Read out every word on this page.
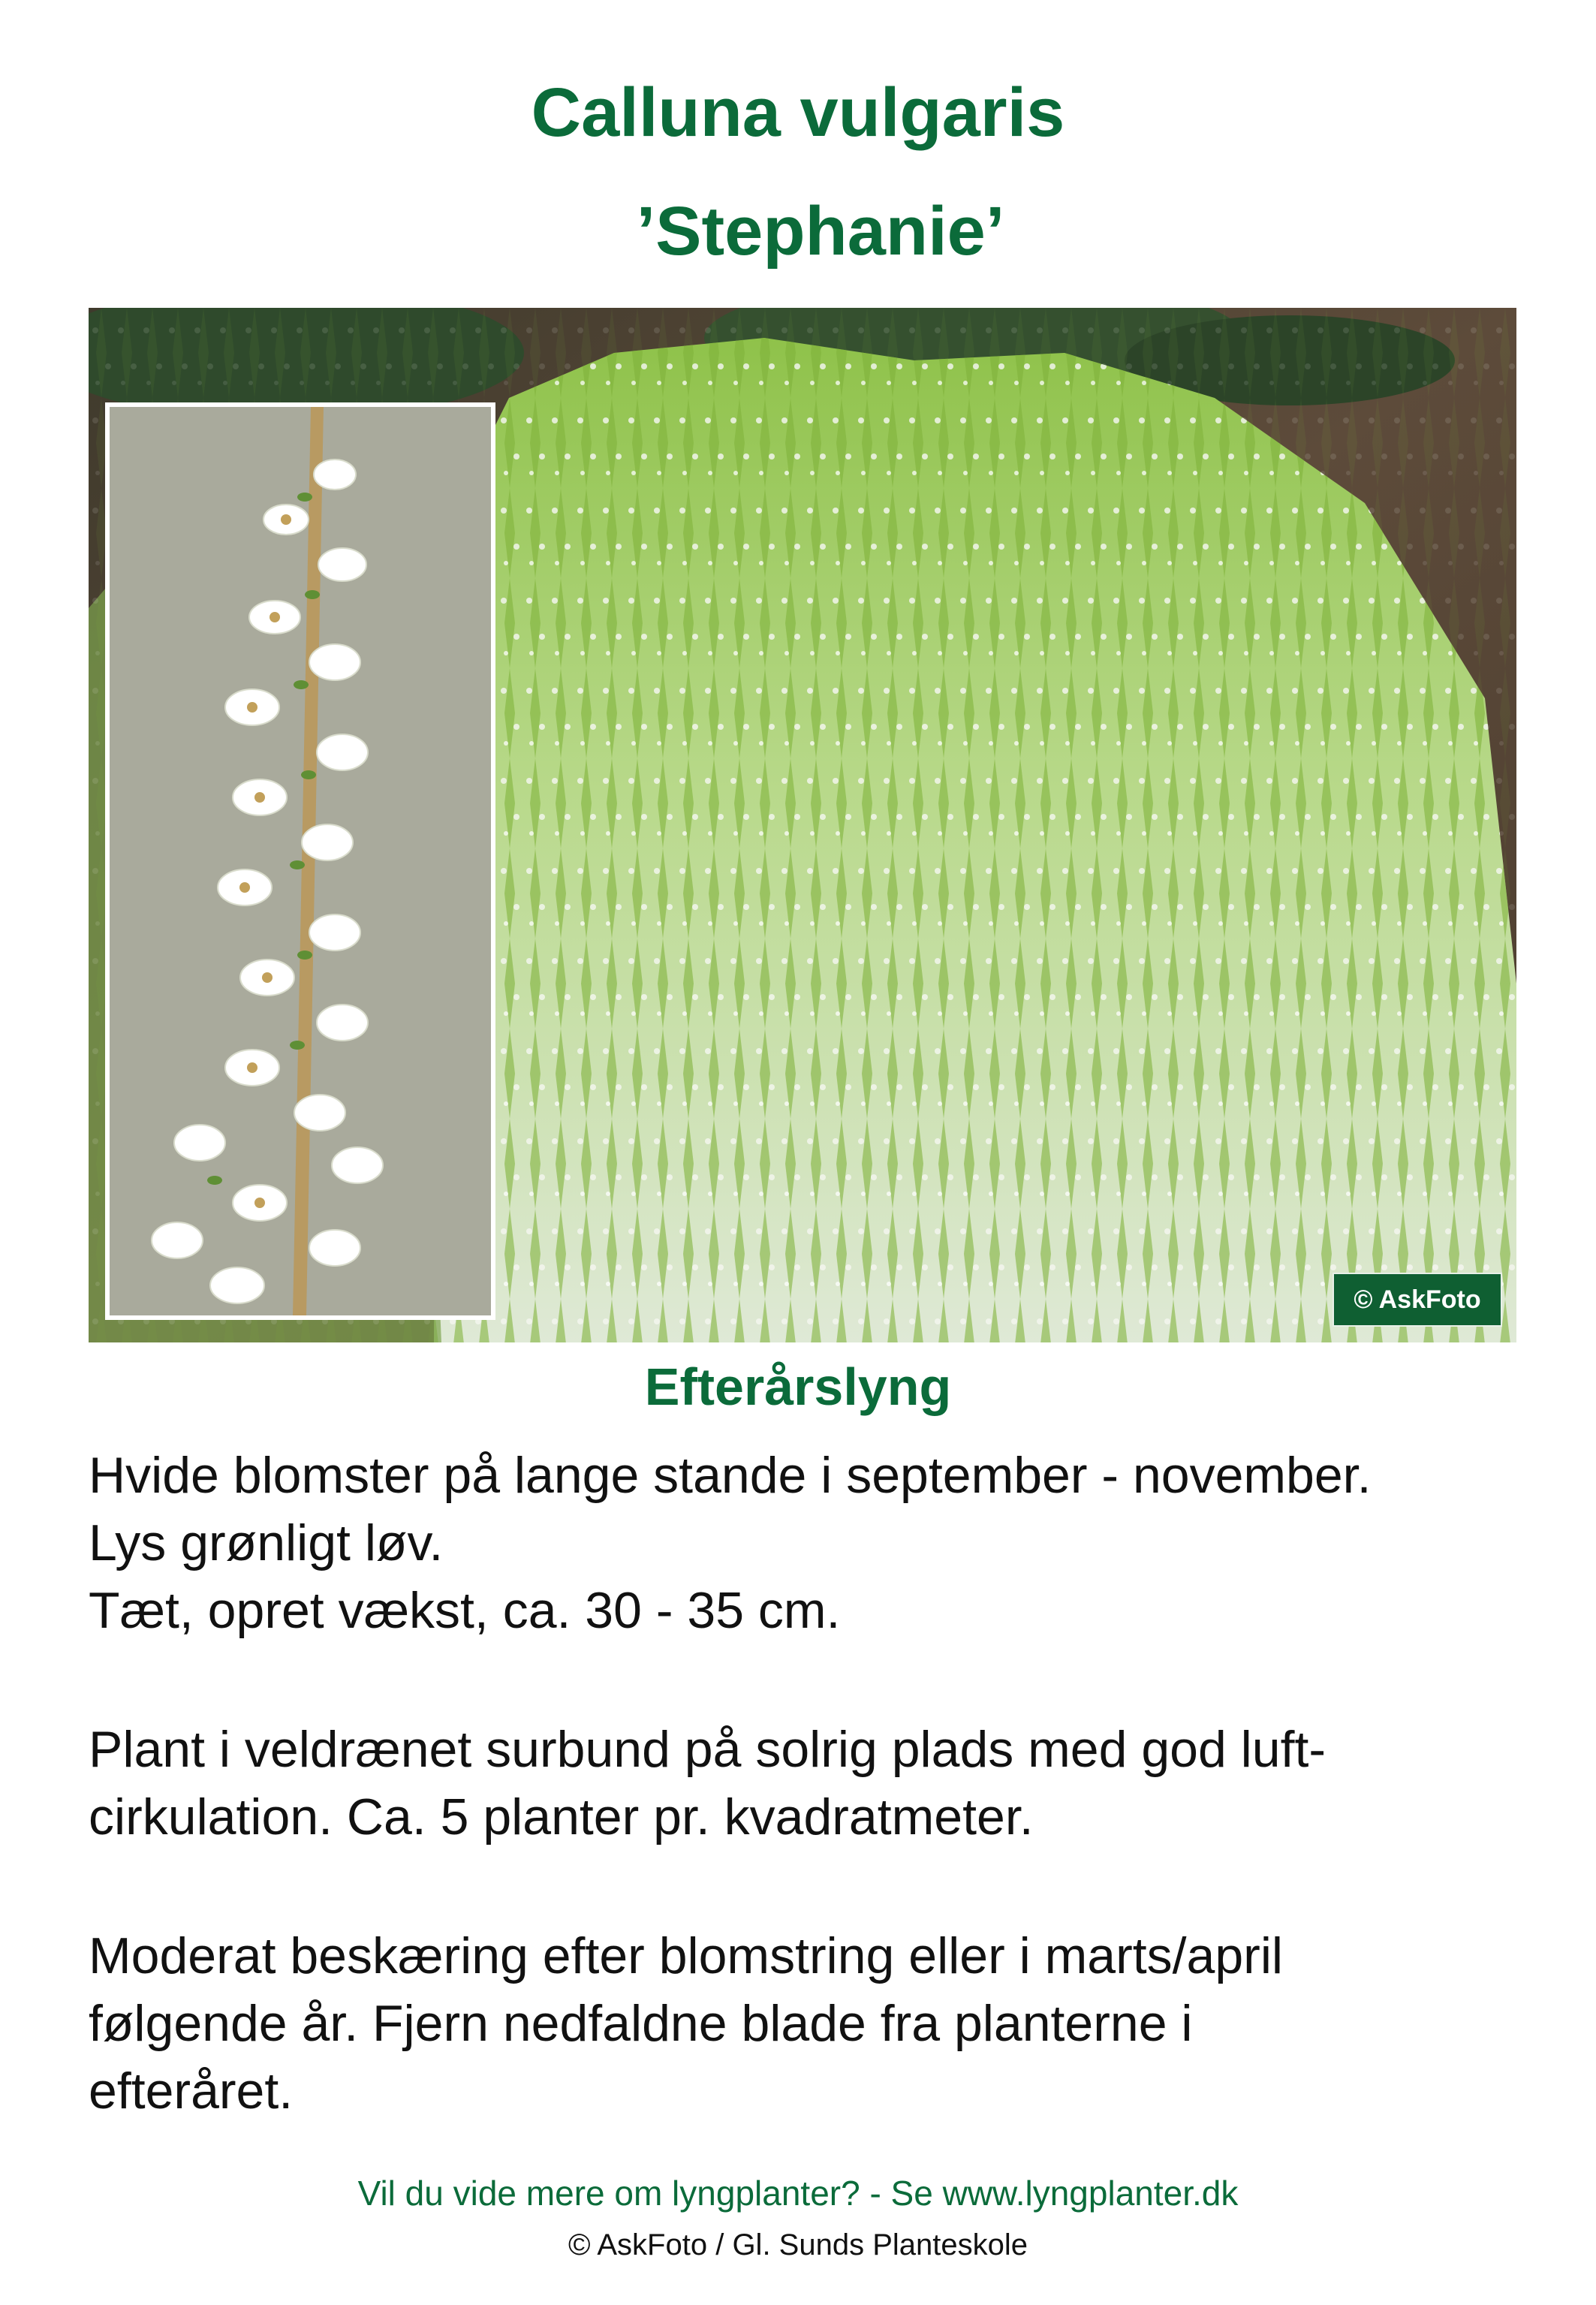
Calluna vulgaris
’Stephanie’
© AskFoto
Efterårslyng

Hvide blomster på lange stande i september - november.
Lys grønligt løv.
Tæt, opret vækst, ca. 30 - 35 cm.

Plant i veldrænet surbund på solrig plads med god luft-
cirkulation. Ca. 5 planter pr. kvadratmeter.

Moderat beskæring efter blomstring eller i marts/april
følgende år. Fjern nedfaldne blade fra planterne i
efteråret.

Vil du vide mere om lyngplanter? - Se www.lyngplanter.dk

© AskFoto / Gl. Sunds Planteskole
